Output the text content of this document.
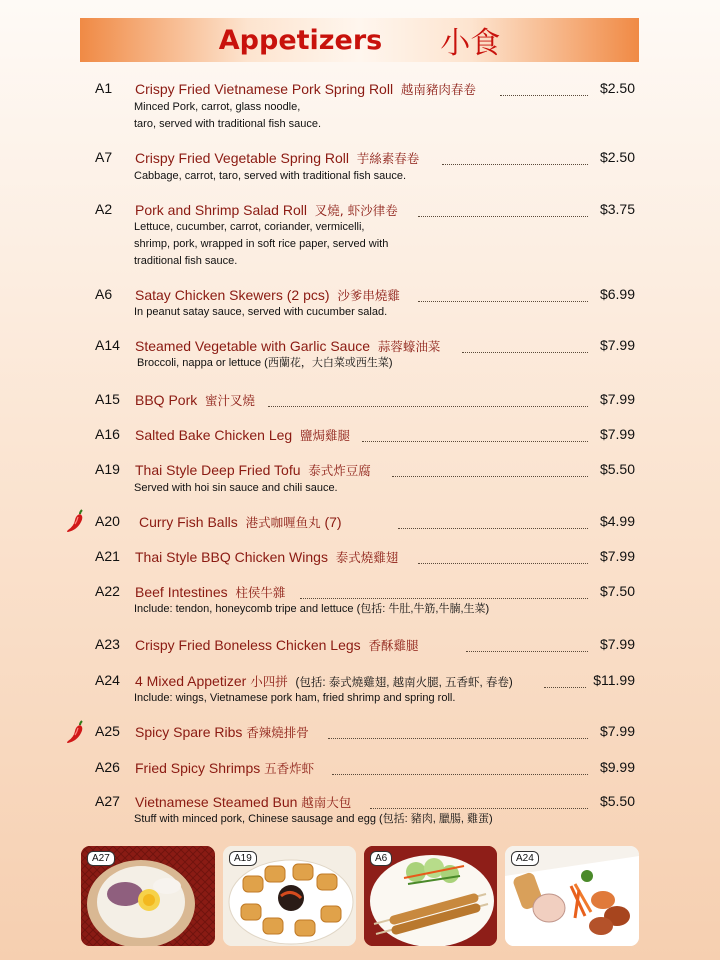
Appetizers 小食
A1 Crispy Fried Vietnamese Pork Spring Roll 越南豬肉春卷	$2.50
Minced Pork, carrot, glass noodle,
taro, served with traditional fish sauce.
A7 Crispy Fried Vegetable Spring Roll 芋絲素春卷	$2.50
Cabbage, carrot, taro, served with traditional fish sauce.
A2 Pork and Shrimp Salad Roll 叉燒, 虾沙律卷	$3.75
Lettuce, cucumber, carrot, coriander, vermicelli,
shrimp, pork, wrapped in soft rice paper, served with
traditional fish sauce.
A6 Satay Chicken Skewers (2 pcs) 沙爹串燒雞	$6.99
In peanut satay sauce, served with cucumber salad.
A14 Steamed Vegetable with Garlic Sauce 蒜蓉蠔油菜	$7.99
Broccoli, nappa or lettuce (西蘭花，大白菜或西生菜)
A15 BBQ Pork 蜜汁叉燒	$7.99
A16 Salted Bake Chicken Leg 鹽焗雞腿	$7.99
A19 Thai Style Deep Fried Tofu 泰式炸豆腐	$5.50
Served with hoi sin sauce and chili sauce.
A20 Curry Fish Balls 港式咖喱鱼丸 (7)	$4.99
A21 Thai Style BBQ Chicken Wings 泰式燒雞翅	$7.99
A22 Beef Intestines 柱侯牛雜	$7.50
Include: tendon, honeycomb tripe and lettuce (包括: 牛肚,牛筋,牛腩,生菜)
A23 Crispy Fried Boneless Chicken Legs 香酥雞腿	$7.99
A24 4 Mixed Appetizer 小四拼 (包括: 泰式燒雞翅, 越南火腿, 五香虾, 春卷)	$11.99
Include: wings, Vietnamese pork ham, fried shrimp and spring roll.
A25 Spicy Spare Ribs 香辣燒排骨	$7.99
A26 Fried Spicy Shrimps 五香炸虾	$9.99
A27 Vietnamese Steamed Bun 越南大包	$5.50
Stuff with minced pork, Chinese sausage and egg (包括: 豬肉, 臘腸, 雞蛋)
A27	A19	A6	A24
